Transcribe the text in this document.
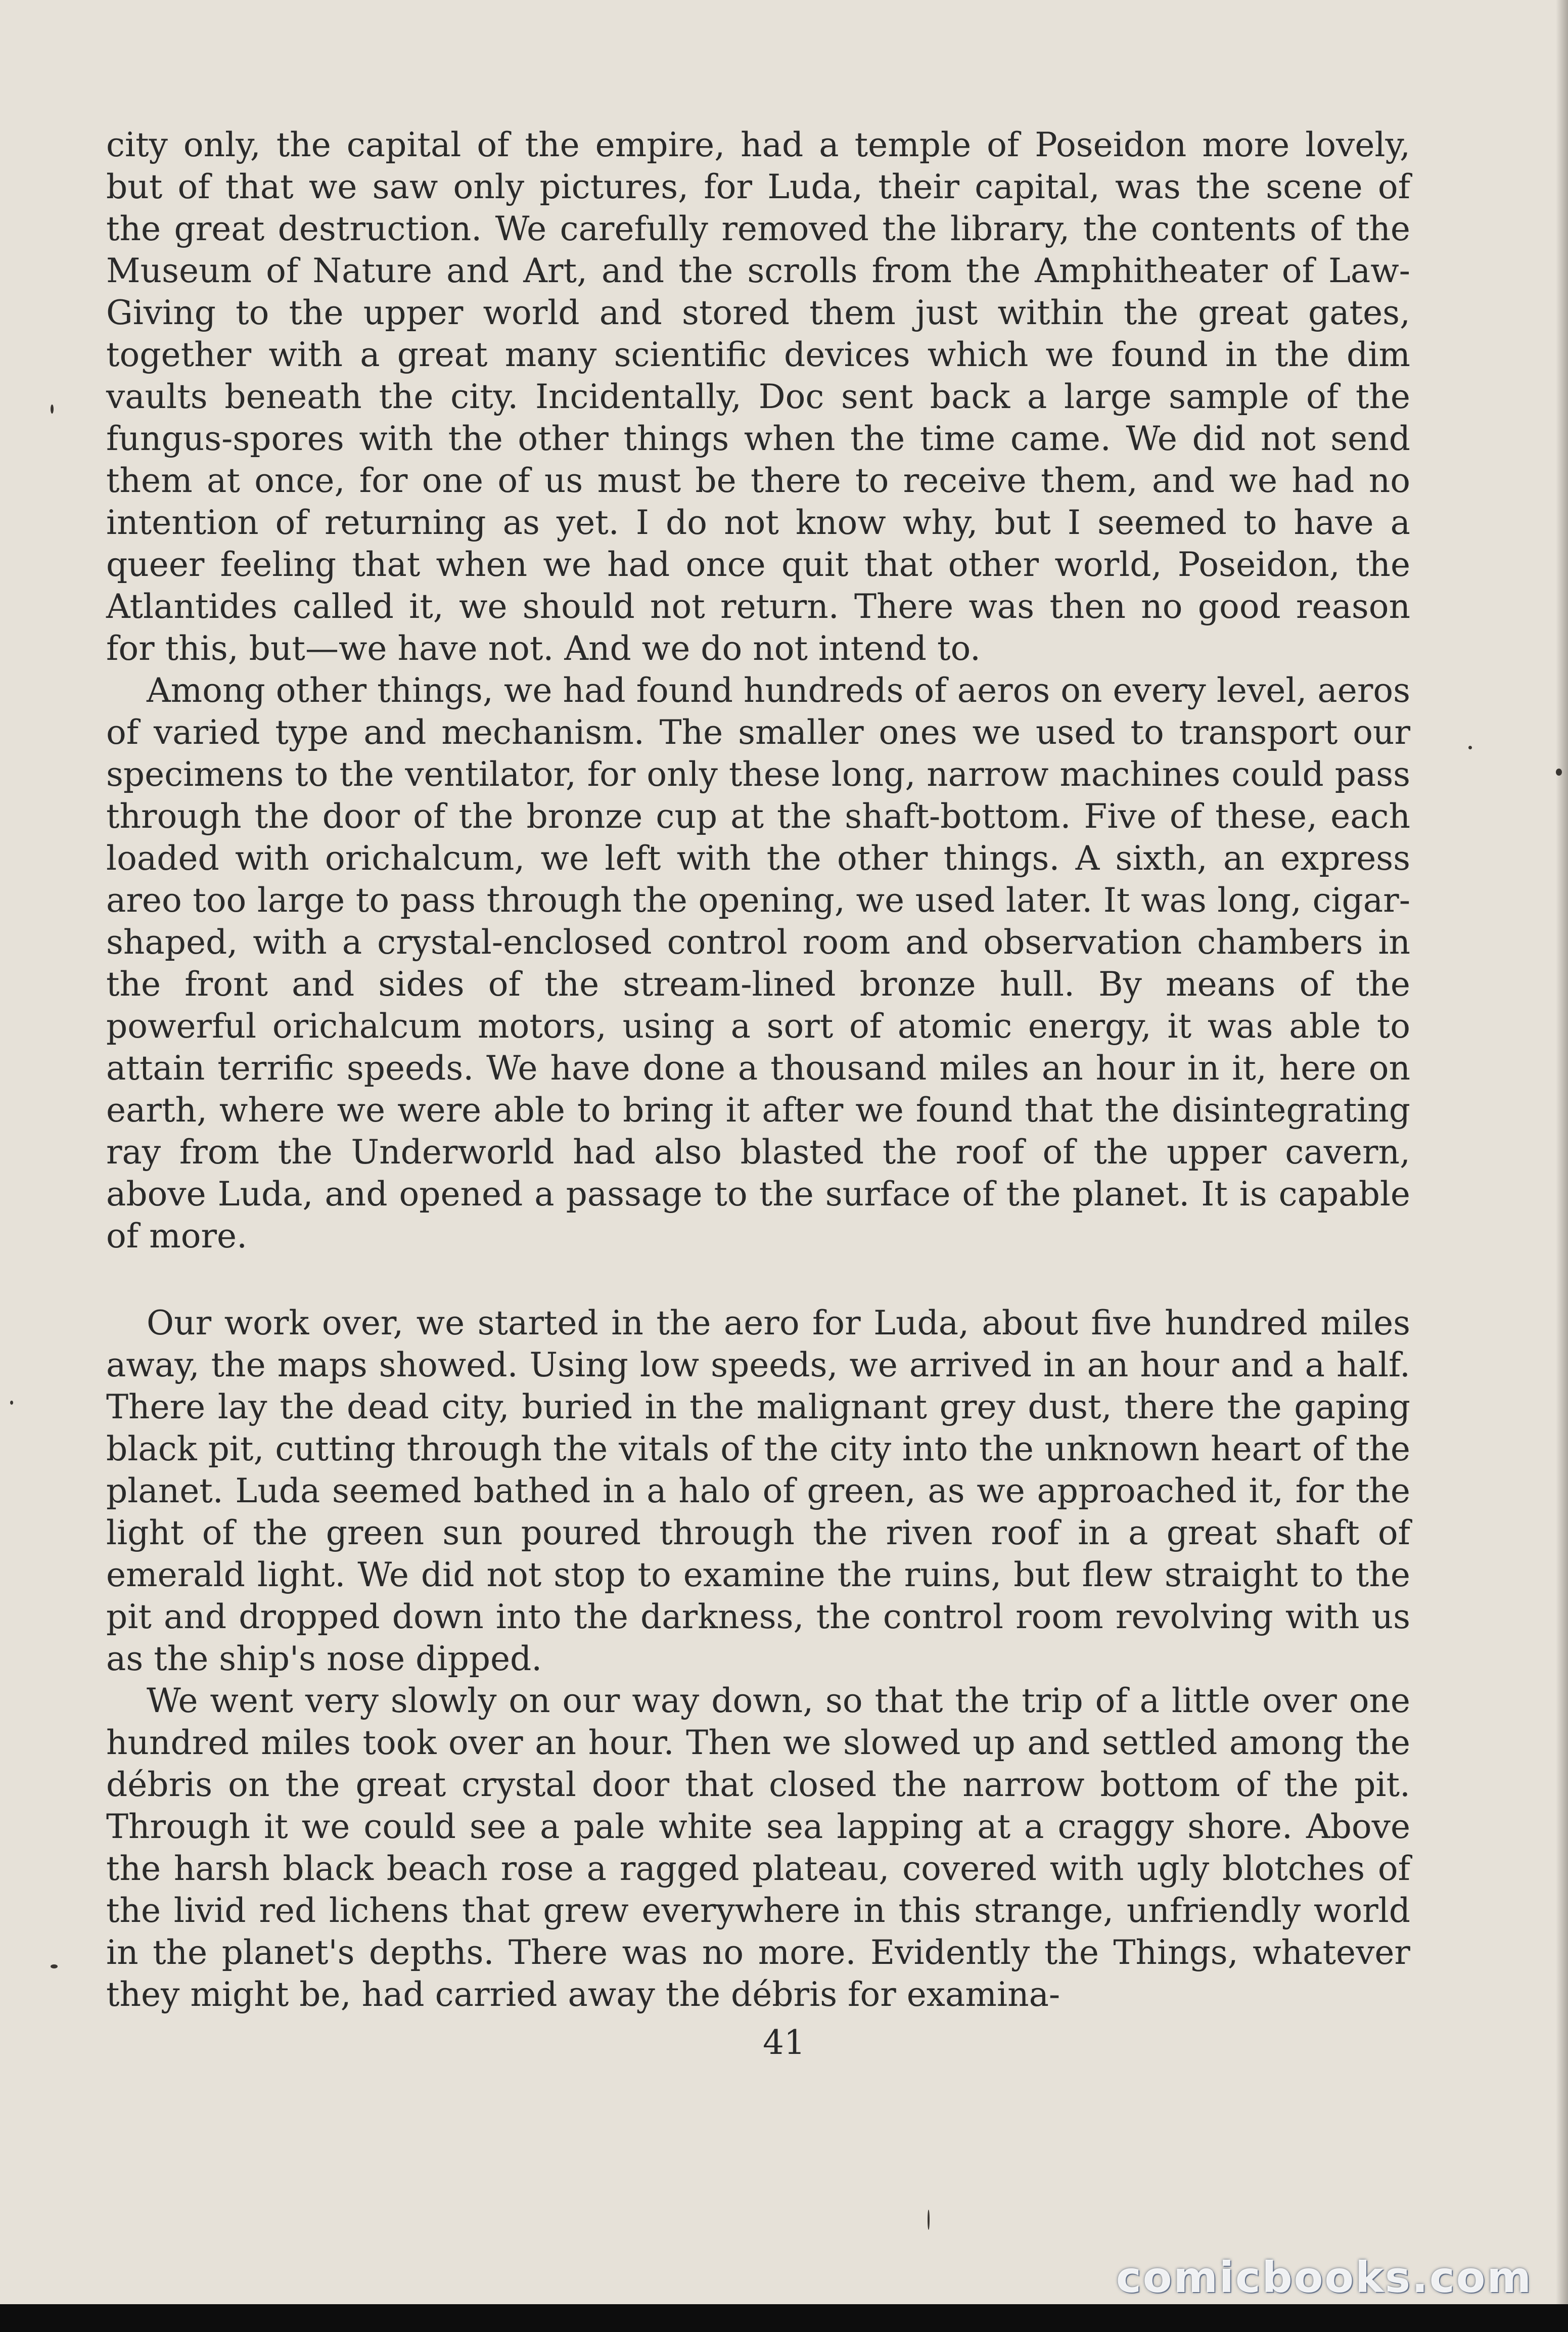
city only, the capital of the empire, had a temple of Poseidon more lovely, but of that we saw only pictures, for Luda, their capital, was the scene of the great destruction. We carefully removed the library, the contents of the Museum of Nature and Art, and the scrolls from the Amphitheater of Law-Giving to the upper world and stored them just within the great gates, together with a great many scientific devices which we found in the dim vaults beneath the city. Incidentally, Doc sent back a large sample of the fungus-spores with the other things when the time came. We did not send them at once, for one of us must be there to receive them, and we had no intention of returning as yet. I do not know why, but I seemed to have a queer feeling that when we had once quit that other world, Poseidon, the Atlantides called it, we should not return. There was then no good reason for this, but—we have not. And we do not intend to.

Among other things, we had found hundreds of aeros on every level, aeros of varied type and mechanism. The smaller ones we used to transport our specimens to the ventilator, for only these long, narrow machines could pass through the door of the bronze cup at the shaft-bottom. Five of these, each loaded with orichalcum, we left with the other things. A sixth, an express areo too large to pass through the opening, we used later. It was long, cigar-shaped, with a crystal-enclosed control room and observation chambers in the front and sides of the stream-lined bronze hull. By means of the powerful orichalcum motors, using a sort of atomic energy, it was able to attain terrific speeds. We have done a thousand miles an hour in it, here on earth, where we were able to bring it after we found that the disintegrating ray from the Underworld had also blasted the roof of the upper cavern, above Luda, and opened a passage to the surface of the planet. It is capable of more.

Our work over, we started in the aero for Luda, about five hundred miles away, the maps showed. Using low speeds, we arrived in an hour and a half. There lay the dead city, buried in the malignant grey dust, there the gaping black pit, cutting through the vitals of the city into the unknown heart of the planet. Luda seemed bathed in a halo of green, as we approached it, for the light of the green sun poured through the riven roof in a great shaft of emerald light. We did not stop to examine the ruins, but flew straight to the pit and dropped down into the darkness, the control room revolving with us as the ship's nose dipped.

We went very slowly on our way down, so that the trip of a little over one hundred miles took over an hour. Then we slowed up and settled among the débris on the great crystal door that closed the narrow bottom of the pit. Through it we could see a pale white sea lapping at a craggy shore. Above the harsh black beach rose a ragged plateau, covered with ugly blotches of the livid red lichens that grew everywhere in this strange, unfriendly world in the planet's depths. There was no more. Evidently the Things, whatever they might be, had carried away the débris for examina-

41
comicbooks.com
